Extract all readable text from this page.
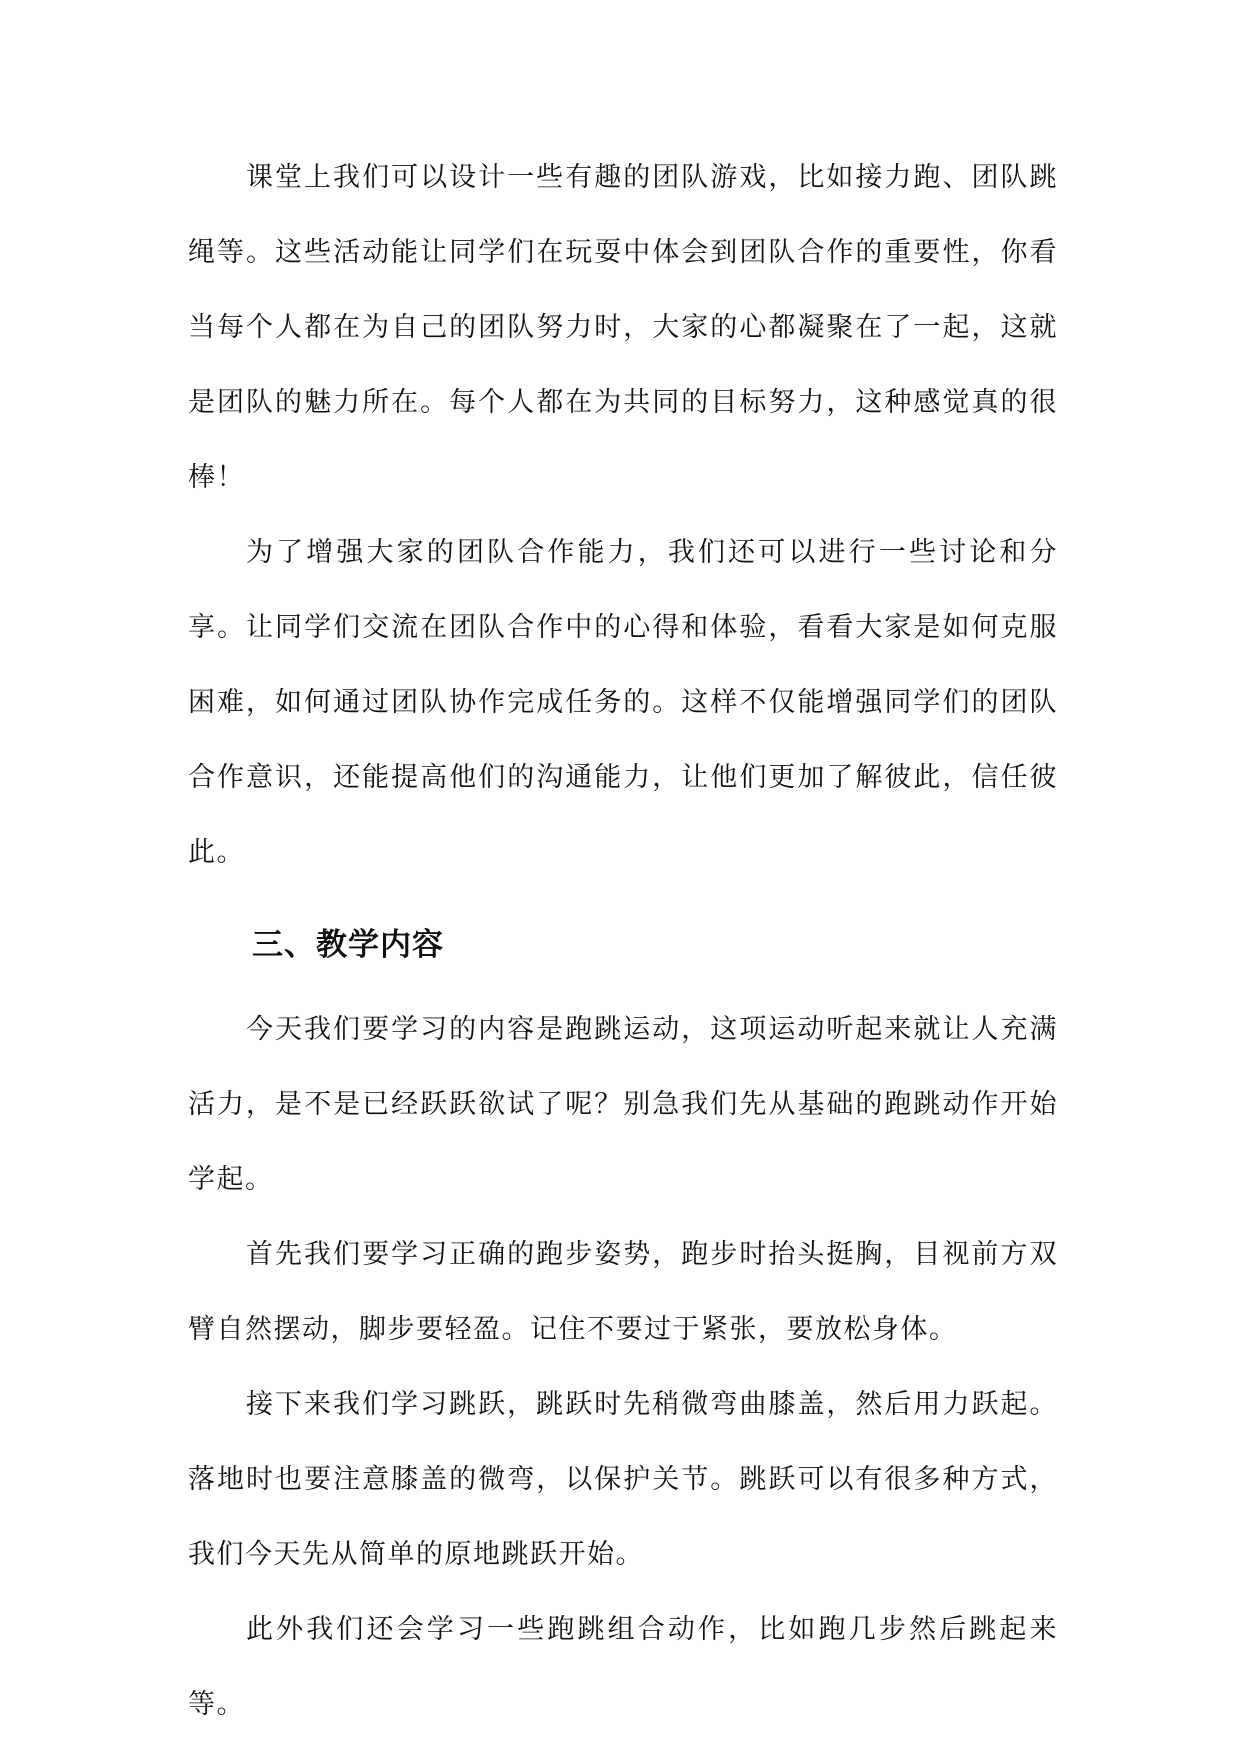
课堂上我们可以设计一些有趣的团队游戏，比如接力跑、团队跳绳等。这些活动能让同学们在玩耍中体会到团队合作的重要性，你看当每个人都在为自己的团队努力时，大家的心都凝聚在了一起，这就是团队的魅力所在。每个人都在为共同的目标努力，这种感觉真的很棒！

为了增强大家的团队合作能力，我们还可以进行一些讨论和分享。让同学们交流在团队合作中的心得和体验，看看大家是如何克服困难，如何通过团队协作完成任务的。这样不仅能增强同学们的团队合作意识，还能提高他们的沟通能力，让他们更加了解彼此，信任彼此。

三、教学内容

今天我们要学习的内容是跑跳运动，这项运动听起来就让人充满活力，是不是已经跃跃欲试了呢？别急我们先从基础的跑跳动作开始学起。

首先我们要学习正确的跑步姿势，跑步时抬头挺胸，目视前方双臂自然摆动，脚步要轻盈。记住不要过于紧张，要放松身体。

接下来我们学习跳跃，跳跃时先稍微弯曲膝盖，然后用力跃起。落地时也要注意膝盖的微弯，以保护关节。跳跃可以有很多种方式，我们今天先从简单的原地跳跃开始。

此外我们还会学习一些跑跳组合动作，比如跑几步然后跳起来等。
